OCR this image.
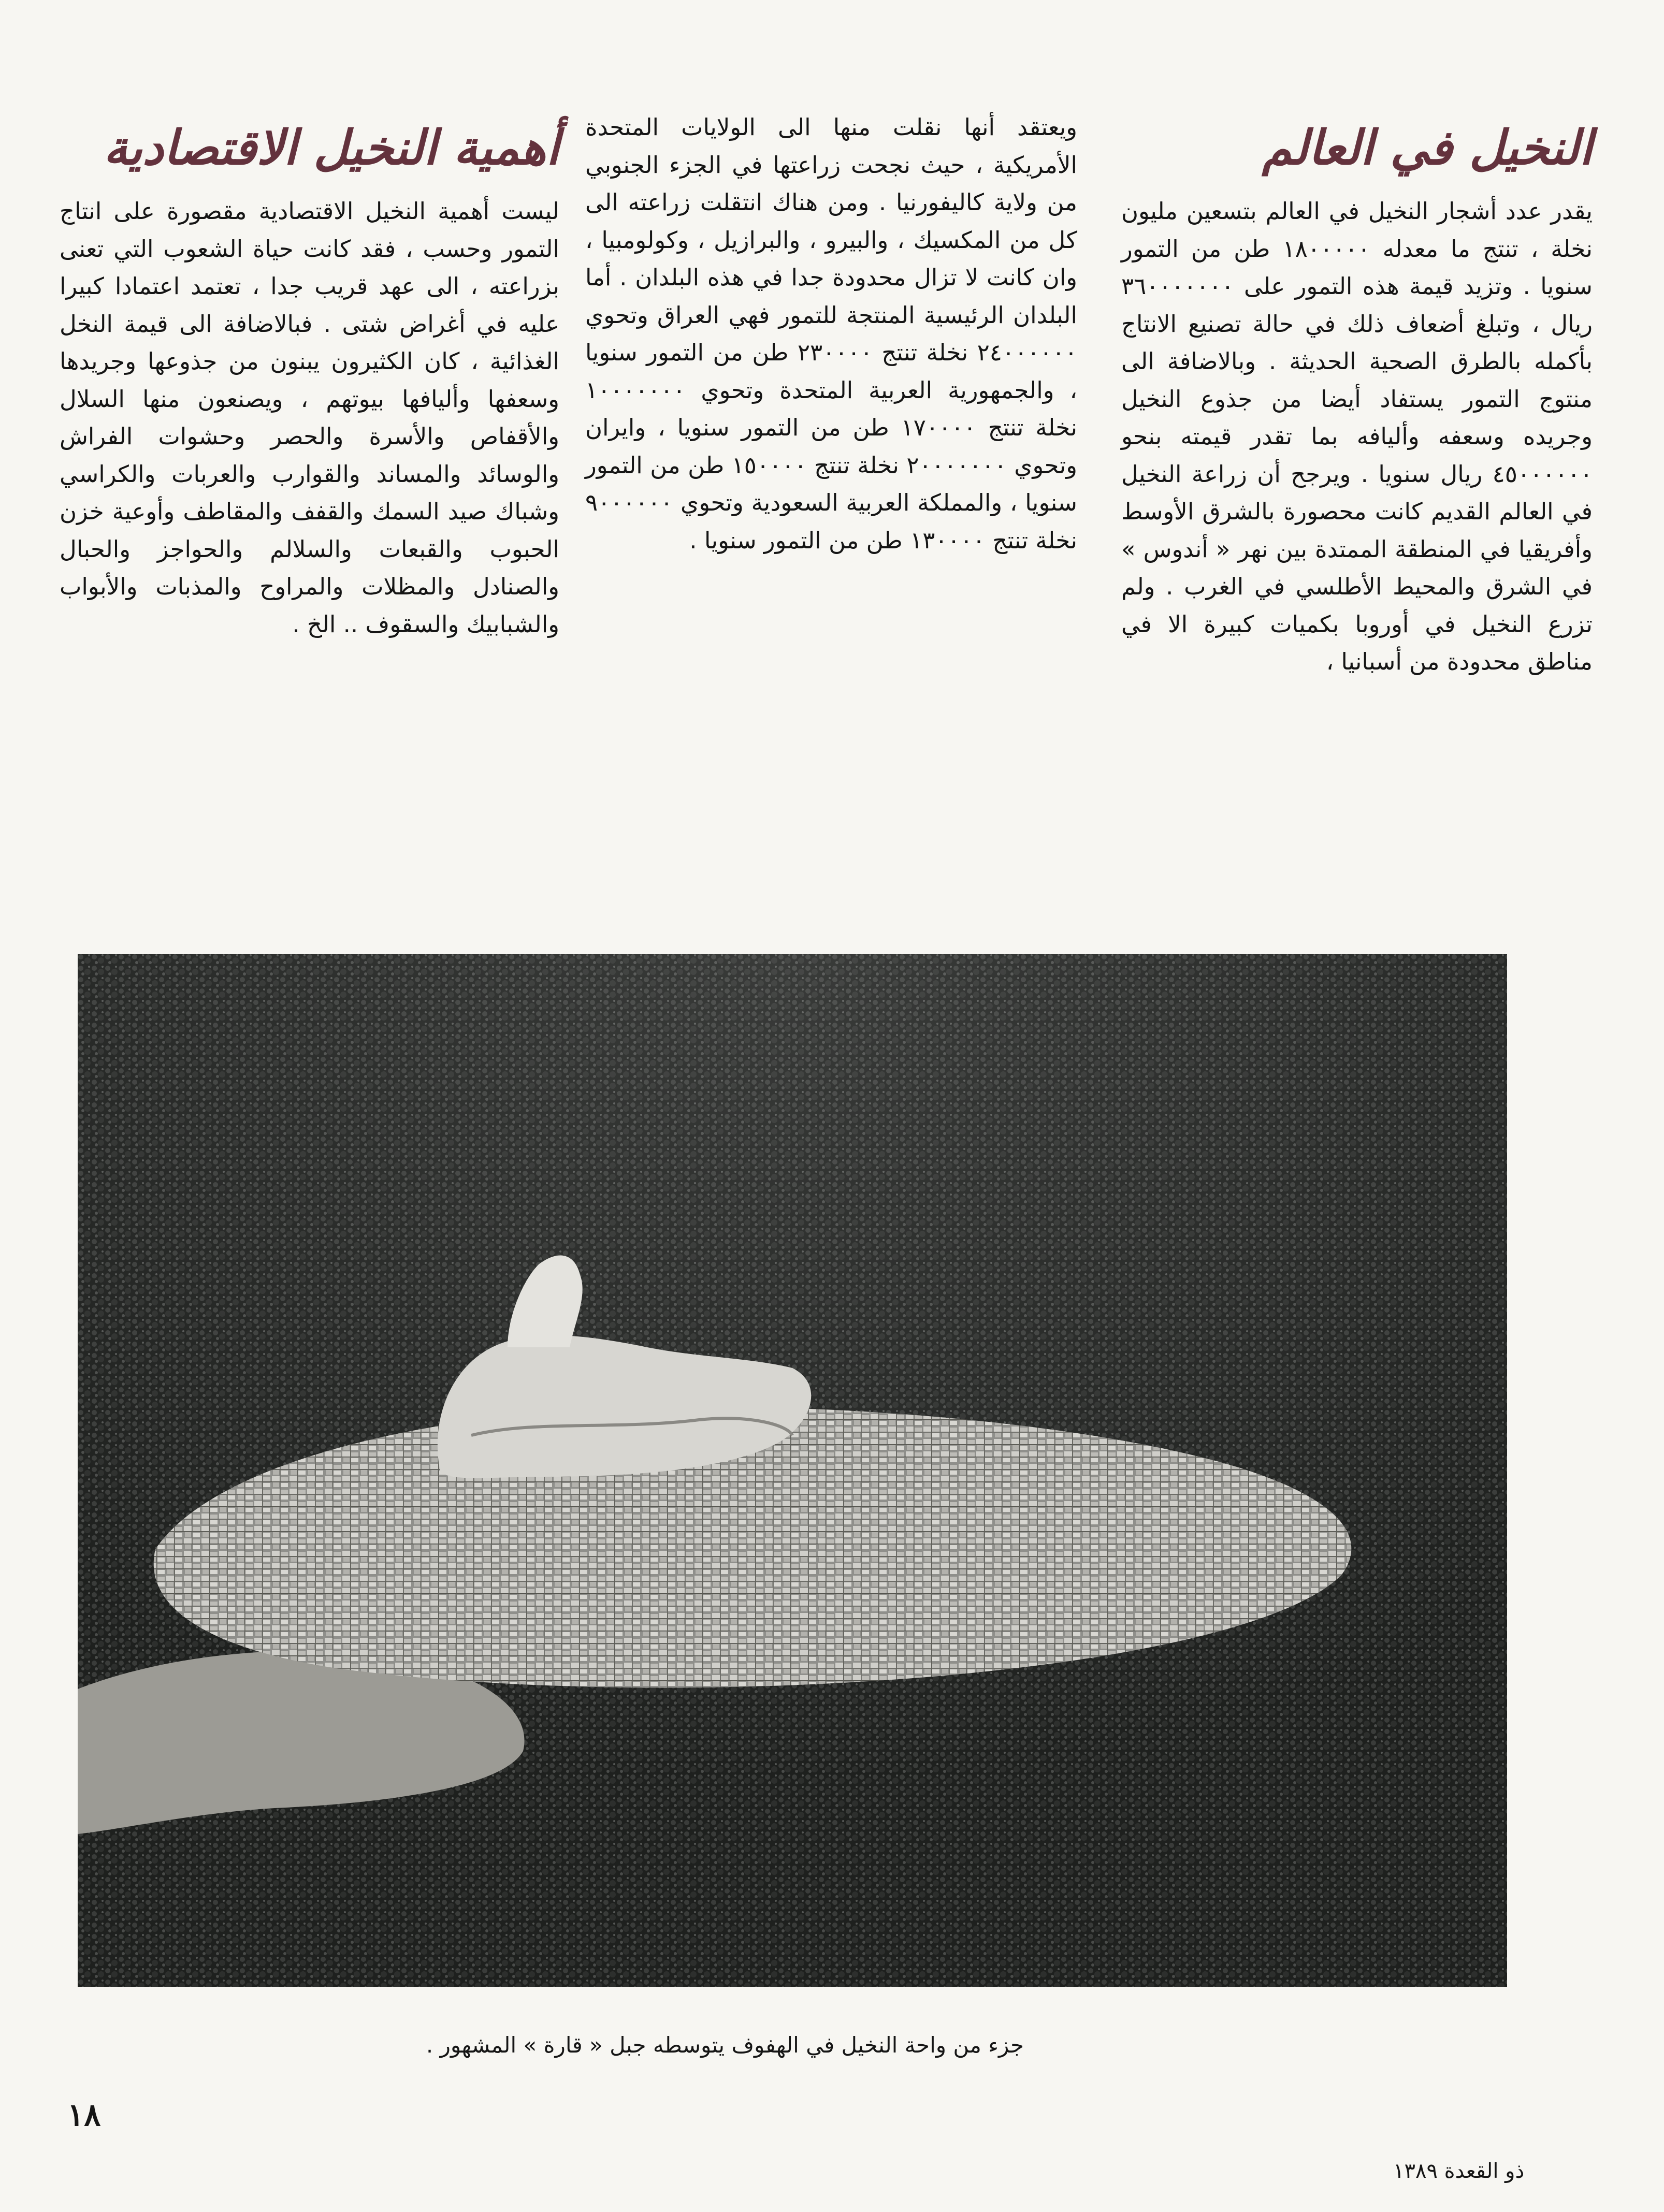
النخيل في العالم

يقدر عدد أشجار النخيل في العالم بتسعين مليون نخلة ، تنتج ما معدله ١٨٠٠٠٠٠ طن من التمور سنويا . وتزيد قيمة هذه التمور على ٣٦٠٠٠٠٠٠٠ ريال ، وتبلغ أضعاف ذلك في حالة تصنيع الانتاج بأكمله بالطرق الصحية الحديثة . وبالاضافة الى منتوج التمور يستفاد أيضا من جذوع النخيل وجريده وسعفه وأليافه بما تقدر قيمته بنحو ٤٥٠٠٠٠٠٠ ريال سنويا . ويرجح أن زراعة النخيل في العالم القديم كانت محصورة بالشرق الأوسط وأفريقيا في المنطقة الممتدة بين نهر « أندوس » في الشرق والمحيط الأطلسي في الغرب . ولم تزرع النخيل في أوروبا بكميات كبيرة الا في مناطق محدودة من أسبانيا ،

ويعتقد أنها نقلت منها الى الولايات المتحدة الأمريكية ، حيث نجحت زراعتها في الجزء الجنوبي من ولاية كاليفورنيا . ومن هناك انتقلت زراعته الى كل من المكسيك ، والبيرو ، والبرازيل ، وكولومبيا ، وان كانت لا تزال محدودة جدا في هذه البلدان . أما البلدان الرئيسية المنتجة للتمور فهي العراق وتحوي ٢٤٠٠٠٠٠٠ نخلة تنتج ٢٣٠٠٠٠ طن من التمور سنويا ، والجمهورية العربية المتحدة وتحوي ١٠٠٠٠٠٠٠ نخلة تنتج ١٧٠٠٠٠ طن من التمور سنويا ، وايران وتحوي ٢٠٠٠٠٠٠٠ نخلة تنتج ١٥٠٠٠٠ طن من التمور سنويا ، والمملكة العربية السعودية وتحوي ٩٠٠٠٠٠٠ نخلة تنتج ١٣٠٠٠٠ طن من التمور سنويا .

أهمية النخيل الاقتصادية

ليست أهمية النخيل الاقتصادية مقصورة على انتاج التمور وحسب ، فقد كانت حياة الشعوب التي تعنى بزراعته ، الى عهد قريب جدا ، تعتمد اعتمادا كبيرا عليه في أغراض شتى . فبالاضافة الى قيمة النخل الغذائية ، كان الكثيرون يبنون من جذوعها وجريدها وسعفها وأليافها بيوتهم ، ويصنعون منها السلال والأقفاص والأسرة والحصر وحشوات الفراش والوسائد والمساند والقوارب والعربات والكراسي وشباك صيد السمك والقفف والمقاطف وأوعية خزن الحبوب والقبعات والسلالم والحواجز والحبال والصنادل والمظلات والمراوح والمذبات والأبواب والشبابيك والسقوف .. الخ .

جزء من واحة النخيل في الهفوف يتوسطه جبل « قارة » المشهور .
١٨
ذو القعدة ١٣٨٩
